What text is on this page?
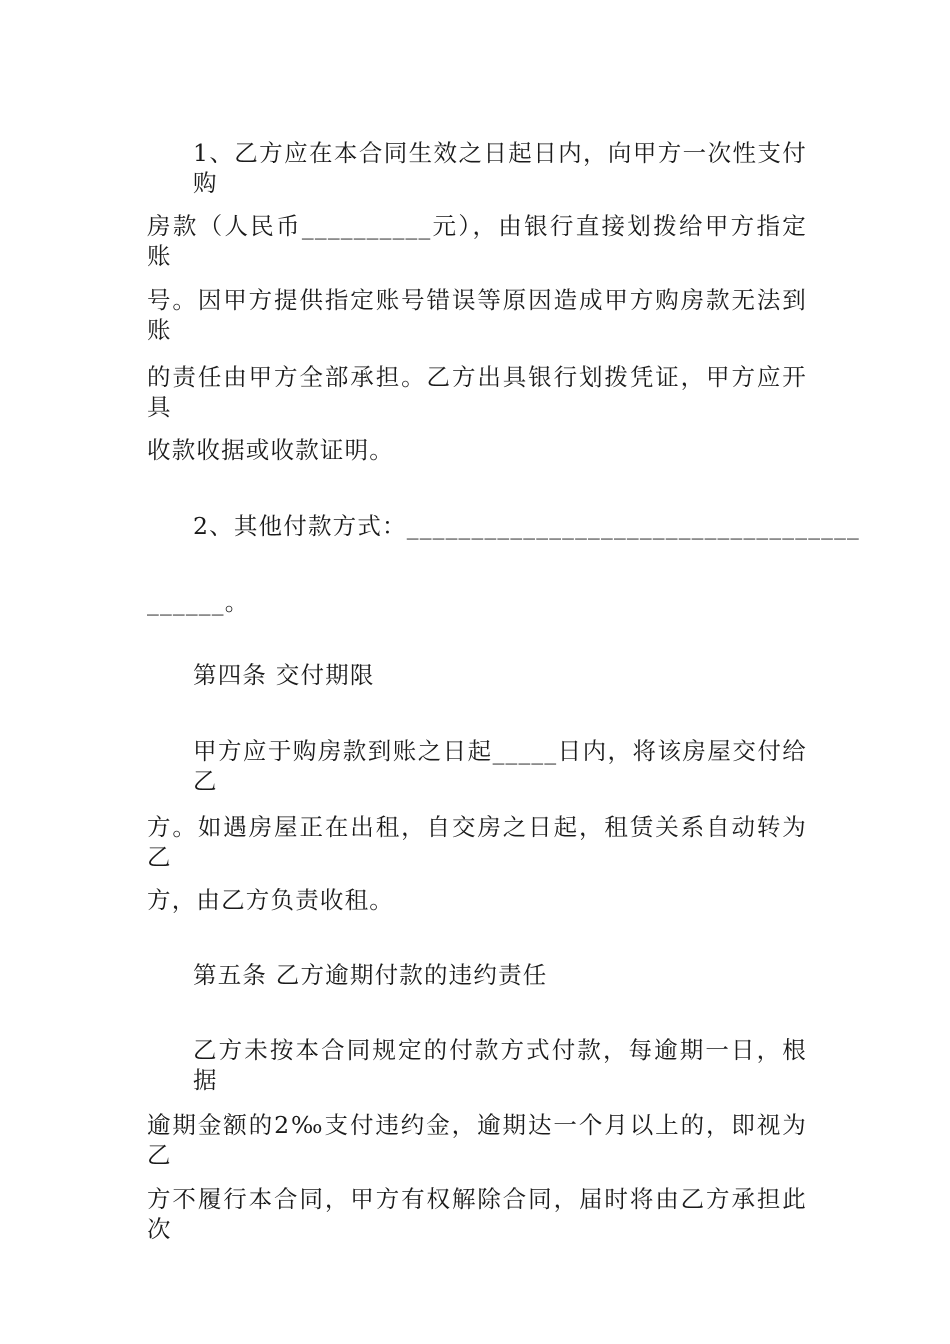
1、乙方应在本合同生效之日起日内，向甲方一次性支付购
房款（人民币__________元），由银行直接划拨给甲方指定账
号。因甲方提供指定账号错误等原因造成甲方购房款无法到账
的责任由甲方全部承担。乙方出具银行划拨凭证，甲方应开具
收款收据或收款证明。
2、其他付款方式：___________________________________
______。
第四条 交付期限
甲方应于购房款到账之日起_____日内，将该房屋交付给乙
方。如遇房屋正在出租，自交房之日起，租赁关系自动转为乙
方，由乙方负责收租。
第五条 乙方逾期付款的违约责任
乙方未按本合同规定的付款方式付款，每逾期一日，根据
逾期金额的2‰支付违约金，逾期达一个月以上的，即视为乙
方不履行本合同，甲方有权解除合同，届时将由乙方承担此次
